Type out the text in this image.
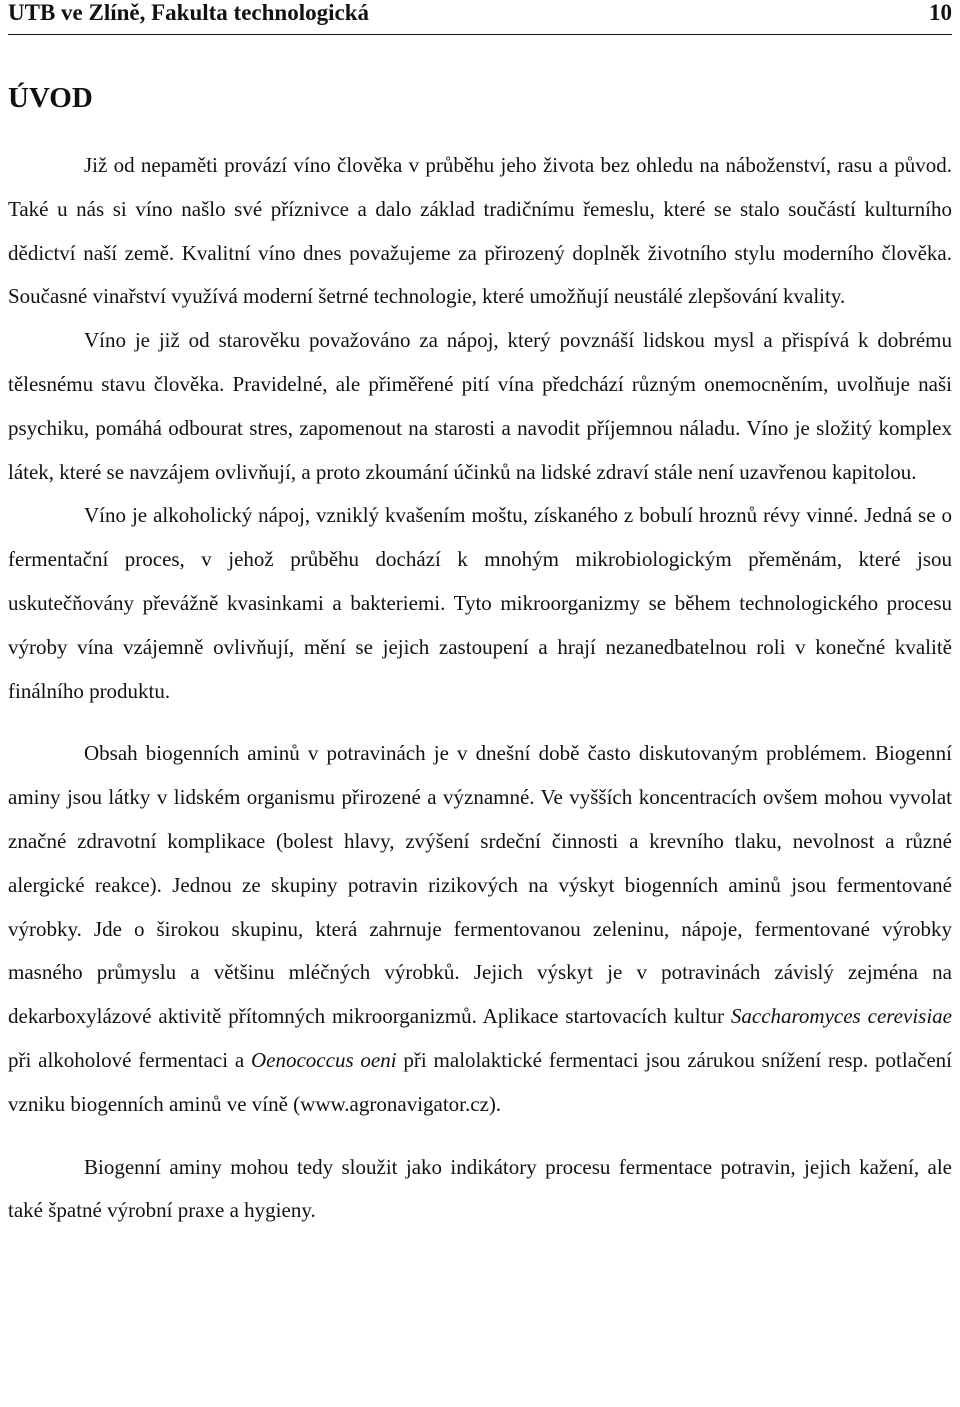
UTB ve Zlíně, Fakulta technologická	10
ÚVOD

Již od nepaměti provází víno člověka v průběhu jeho života bez ohledu na náboženství, rasu a původ. Také u nás si víno našlo své příznivce a dalo základ tradičnímu řemeslu, které se stalo součástí kulturního dědictví naší země. Kvalitní víno dnes považujeme za přirozený doplněk životního stylu moderního člověka. Současné vinařství využívá moderní šetrné technologie, které umožňují neustálé zlepšování kvality.

Víno je již od starověku považováno za nápoj, který povznáší lidskou mysl a přispívá k dobrému tělesnému stavu člověka. Pravidelné, ale přiměřené pití vína předchází různým onemocněním, uvolňuje naši psychiku, pomáhá odbourat stres, zapomenout na starosti a navodit příjemnou náladu. Víno je složitý komplex látek, které se navzájem ovlivňují, a proto zkoumání účinků na lidské zdraví stále není uzavřenou kapitolou.

Víno je alkoholický nápoj, vzniklý kvašením moštu, získaného z bobulí hroznů révy vinné. Jedná se o fermentační proces, v jehož průběhu dochází k mnohým mikrobiologickým přeměnám, které jsou uskutečňovány převážně kvasinkami a bakteriemi. Tyto mikroorganizmy se během technologického procesu výroby vína vzájemně ovlivňují, mění se jejich zastoupení a hrají nezanedbatelnou roli v konečné kvalitě finálního produktu.

Obsah biogenních aminů v potravinách je v dnešní době často diskutovaným problémem. Biogenní aminy jsou látky v lidském organismu přirozené a významné. Ve vyšších koncentracích ovšem mohou vyvolat značné zdravotní komplikace (bolest hlavy, zvýšení srdeční činnosti a krevního tlaku, nevolnost a různé alergické reakce). Jednou ze skupiny potravin rizikových na výskyt biogenních aminů jsou fermentované výrobky. Jde o širokou skupinu, která zahrnuje fermentovanou zeleninu, nápoje, fermentované výrobky masného průmyslu a většinu mléčných výrobků. Jejich výskyt je v potravinách závislý zejména na dekarboxylázové aktivitě přítomných mikroorganizmů. Aplikace startovacích kultur Saccharomyces cerevisiae při alkoholové fermentaci a Oenococcus oeni při malolaktické fermentaci jsou zárukou snížení resp. potlačení vzniku biogenních aminů ve víně (www.agronavigator.cz).

Biogenní aminy mohou tedy sloužit jako indikátory procesu fermentace potravin, jejich kažení, ale také špatné výrobní praxe a hygieny.
